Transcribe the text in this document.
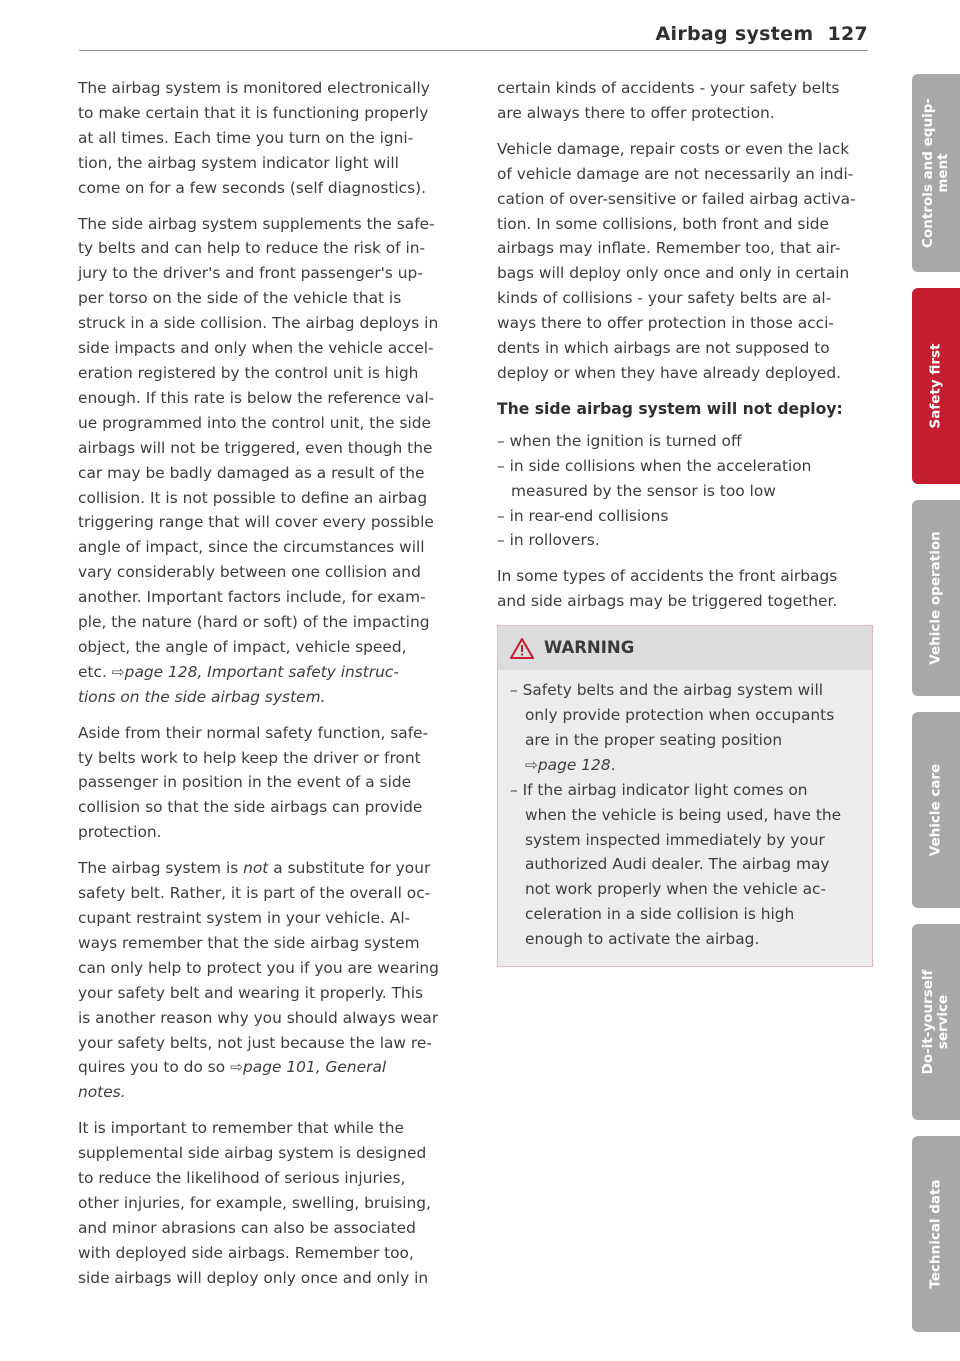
Airbag system 127

The airbag system is monitored electronically
to make certain that it is functioning properly
at all times. Each time you turn on the igni-
tion, the airbag system indicator light will
come on for a few seconds (self diagnostics).

The side airbag system supplements the safe-
ty belts and can help to reduce the risk of in-
jury to the driver's and front passenger's up-
per torso on the side of the vehicle that is
struck in a side collision. The airbag deploys in
side impacts and only when the vehicle accel-
eration registered by the control unit is high
enough. If this rate is below the reference val-
ue programmed into the control unit, the side
airbags will not be triggered, even though the
car may be badly damaged as a result of the
collision. It is not possible to define an airbag
triggering range that will cover every possible
angle of impact, since the circumstances will
vary considerably between one collision and
another. Important factors include, for exam-
ple, the nature (hard or soft) of the impacting
object, the angle of impact, vehicle speed,
etc. ⇨page 128, Important safety instruc-
tions on the side airbag system.

Aside from their normal safety function, safe-
ty belts work to help keep the driver or front
passenger in position in the event of a side
collision so that the side airbags can provide
protection.

The airbag system is not a substitute for your
safety belt. Rather, it is part of the overall oc-
cupant restraint system in your vehicle. Al-
ways remember that the side airbag system
can only help to protect you if you are wearing
your safety belt and wearing it properly. This
is another reason why you should always wear
your safety belts, not just because the law re-
quires you to do so ⇨page 101, General
notes.

It is important to remember that while the
supplemental side airbag system is designed
to reduce the likelihood of serious injuries,
other injuries, for example, swelling, bruising,
and minor abrasions can also be associated
with deployed side airbags. Remember too,
side airbags will deploy only once and only in

certain kinds of accidents - your safety belts
are always there to offer protection.

Vehicle damage, repair costs or even the lack
of vehicle damage are not necessarily an indi-
cation of over-sensitive or failed airbag activa-
tion. In some collisions, both front and side
airbags may inflate. Remember too, that air-
bags will deploy only once and only in certain
kinds of collisions - your safety belts are al-
ways there to offer protection in those acci-
dents in which airbags are not supposed to
deploy or when they have already deployed.

The side airbag system will not deploy:
– when the ignition is turned off
– in side collisions when the acceleration
measured by the sensor is too low
– in rear-end collisions
– in rollovers.

In some types of accidents the front airbags
and side airbags may be triggered together.

WARNING
– Safety belts and the airbag system will
only provide protection when occupants
are in the proper seating position
⇨page 128.
– If the airbag indicator light comes on
when the vehicle is being used, have the
system inspected immediately by your
authorized Audi dealer. The airbag may
not work properly when the vehicle ac-
celeration in a side collision is high
enough to activate the airbag.
Controls and equip- ment
Safety first
Vehicle operation
Vehicle care
Do-it-yourself service
Technical data
